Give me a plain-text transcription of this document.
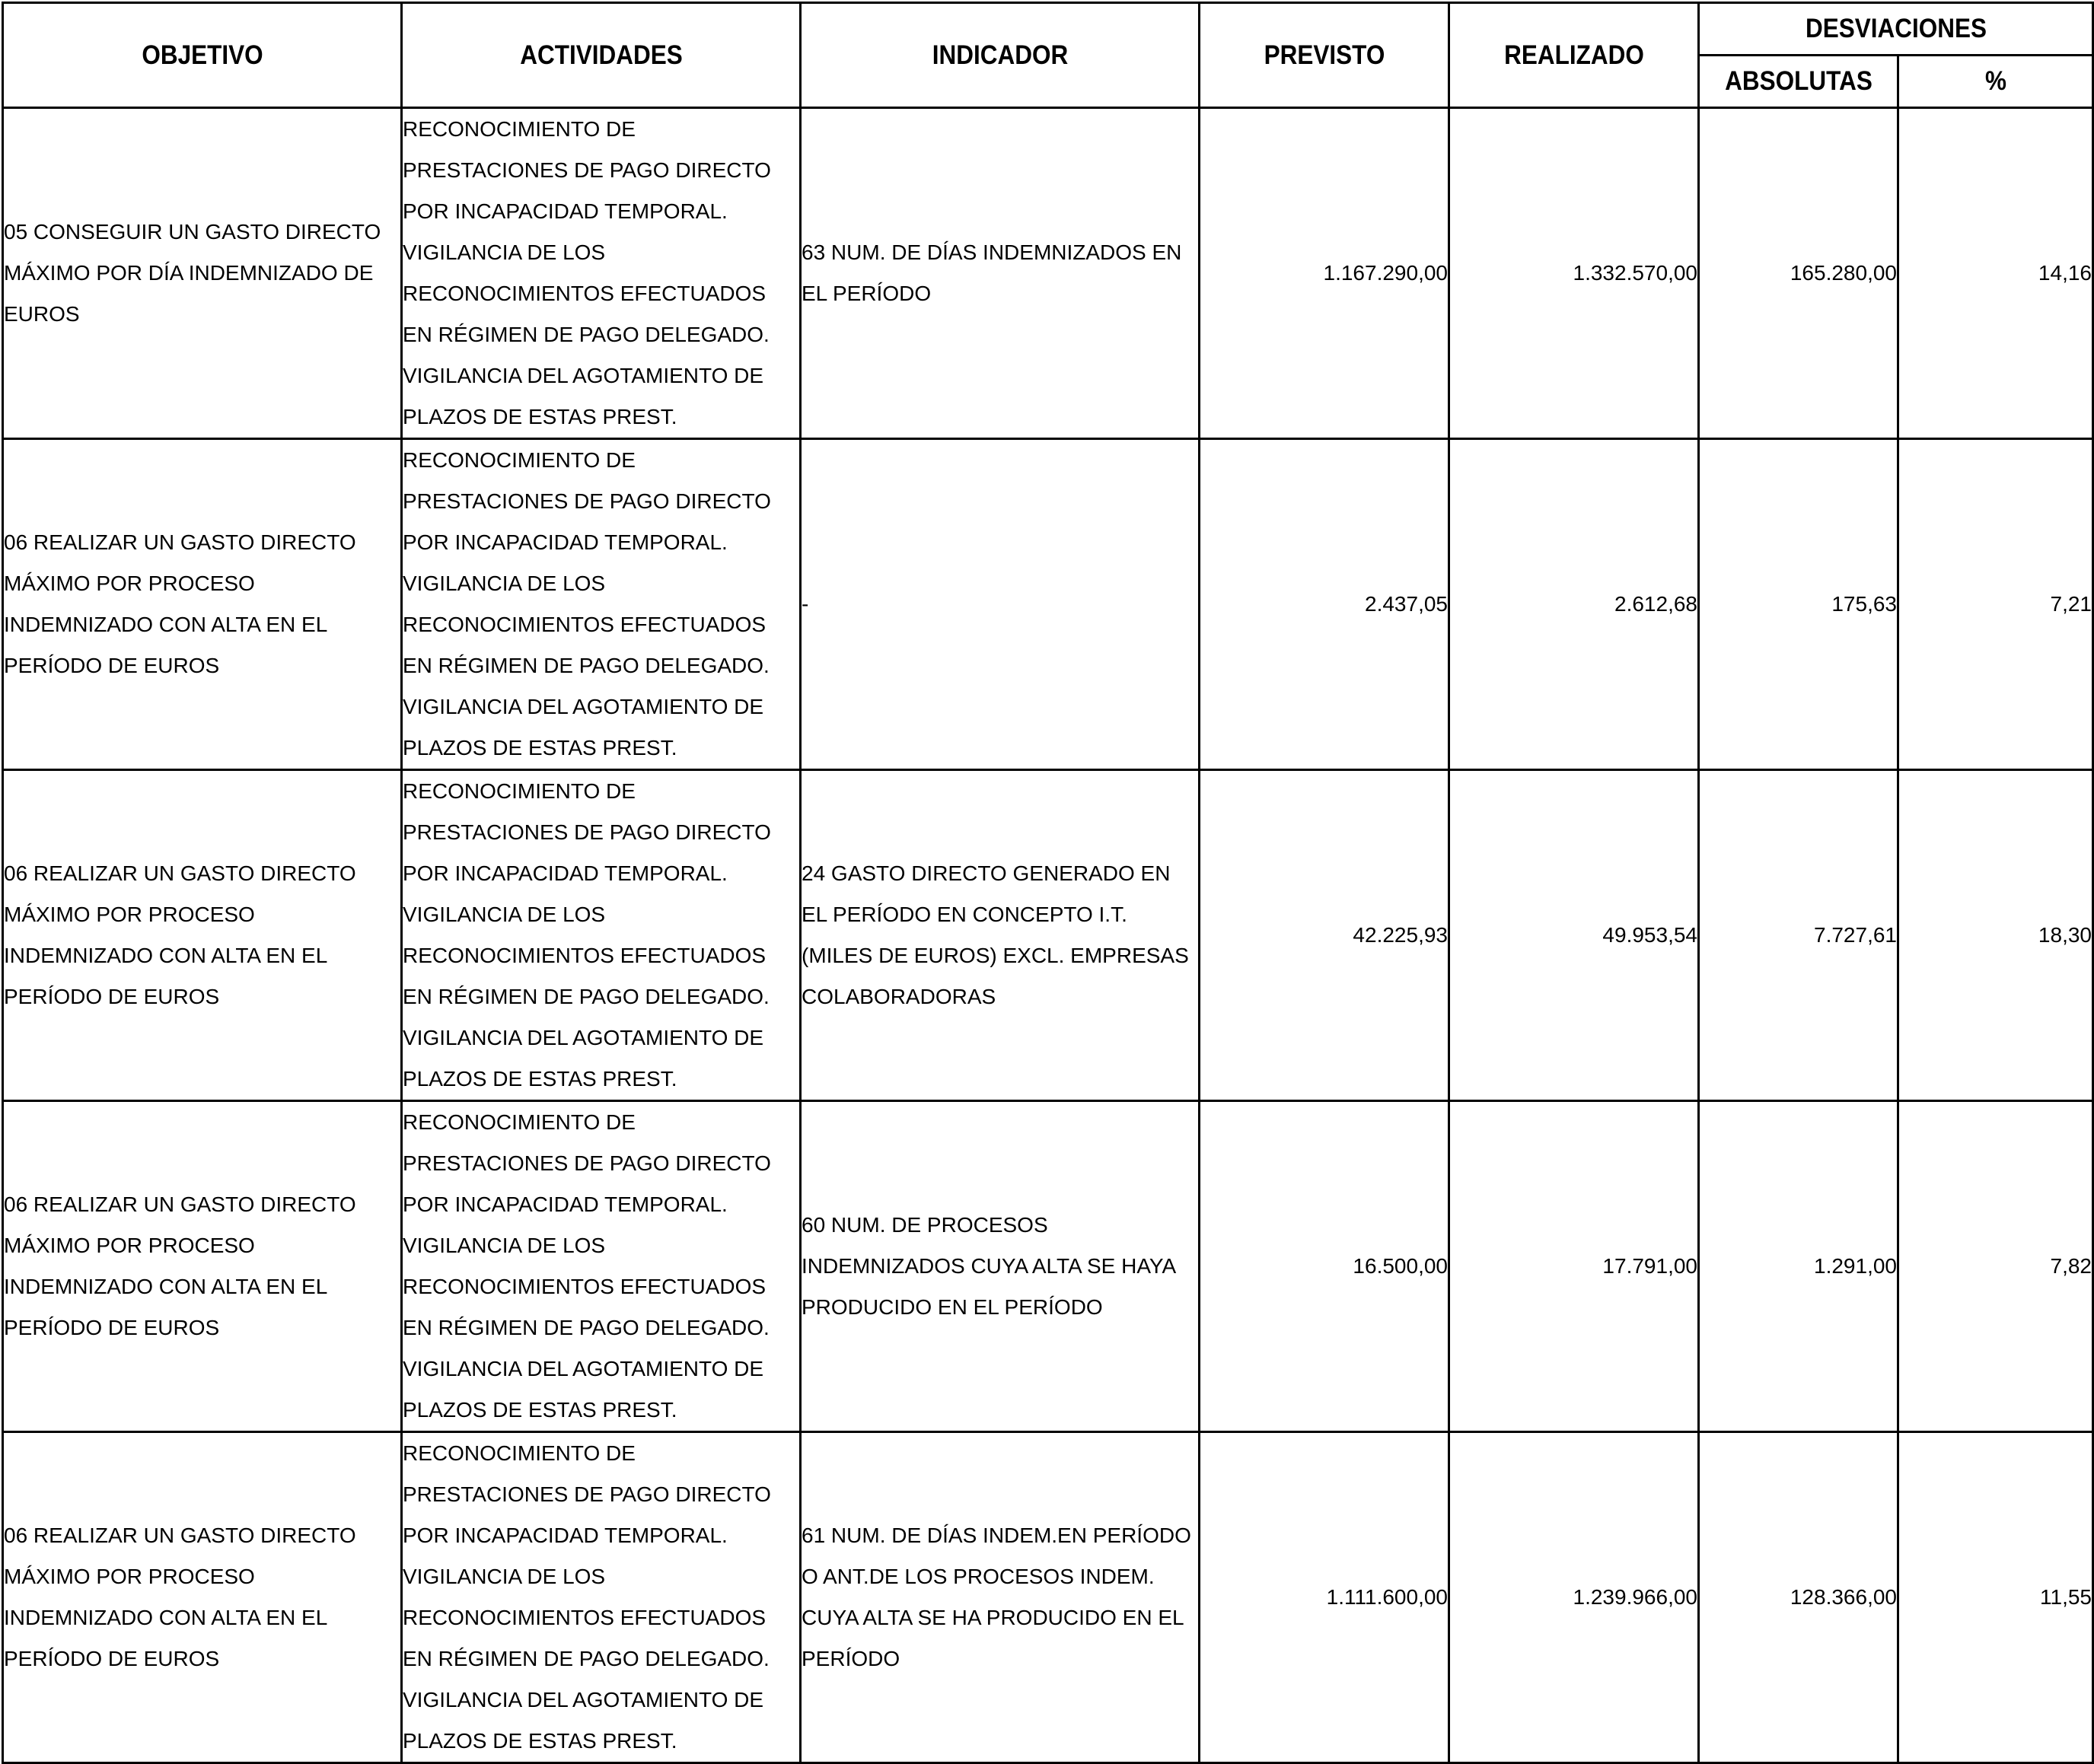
OBJETIVO	ACTIVIDADES	INDICADOR	PREVISTO	REALIZADO	DESVIACIONES	
					ABSOLUTAS	%
05 CONSEGUIR UN GASTO DIRECTO MÁXIMO POR DÍA INDEMNIZADO DE EUROS	RECONOCIMIENTO DE PRESTACIONES DE PAGO DIRECTO POR INCAPACIDAD TEMPORAL. VIGILANCIA DE LOS RECONOCIMIENTOS EFECTUADOS EN RÉGIMEN DE PAGO DELEGADO. VIGILANCIA DEL AGOTAMIENTO DE PLAZOS DE ESTAS PREST.	63 NUM. DE DÍAS INDEMNIZADOS EN EL PERÍODO	1.167.290,00	1.332.570,00	165.280,00	14,16
06 REALIZAR UN GASTO DIRECTO MÁXIMO POR PROCESO INDEMNIZADO CON ALTA EN EL PERÍODO DE EUROS	RECONOCIMIENTO DE PRESTACIONES DE PAGO DIRECTO POR INCAPACIDAD TEMPORAL. VIGILANCIA DE LOS RECONOCIMIENTOS EFECTUADOS EN RÉGIMEN DE PAGO DELEGADO. VIGILANCIA DEL AGOTAMIENTO DE PLAZOS DE ESTAS PREST.	-	2.437,05	2.612,68	175,63	7,21
06 REALIZAR UN GASTO DIRECTO MÁXIMO POR PROCESO INDEMNIZADO CON ALTA EN EL PERÍODO DE EUROS	RECONOCIMIENTO DE PRESTACIONES DE PAGO DIRECTO POR INCAPACIDAD TEMPORAL. VIGILANCIA DE LOS RECONOCIMIENTOS EFECTUADOS EN RÉGIMEN DE PAGO DELEGADO. VIGILANCIA DEL AGOTAMIENTO DE PLAZOS DE ESTAS PREST.	24 GASTO DIRECTO GENERADO EN EL PERÍODO EN CONCEPTO I.T.(MILES DE EUROS) EXCL. EMPRESAS COLABORADORAS	42.225,93	49.953,54	7.727,61	18,30
06 REALIZAR UN GASTO DIRECTO MÁXIMO POR PROCESO INDEMNIZADO CON ALTA EN EL PERÍODO DE EUROS	RECONOCIMIENTO DE PRESTACIONES DE PAGO DIRECTO POR INCAPACIDAD TEMPORAL. VIGILANCIA DE LOS RECONOCIMIENTOS EFECTUADOS EN RÉGIMEN DE PAGO DELEGADO. VIGILANCIA DEL AGOTAMIENTO DE PLAZOS DE ESTAS PREST.	60 NUM. DE PROCESOS INDEMNIZADOS CUYA ALTA SE HAYA PRODUCIDO EN EL PERÍODO	16.500,00	17.791,00	1.291,00	7,82
06 REALIZAR UN GASTO DIRECTO MÁXIMO POR PROCESO INDEMNIZADO CON ALTA EN EL PERÍODO DE EUROS	RECONOCIMIENTO DE PRESTACIONES DE PAGO DIRECTO POR INCAPACIDAD TEMPORAL. VIGILANCIA DE LOS RECONOCIMIENTOS EFECTUADOS EN RÉGIMEN DE PAGO DELEGADO. VIGILANCIA DEL AGOTAMIENTO DE PLAZOS DE ESTAS PREST.	61 NUM. DE DÍAS INDEM.EN PERÍODO O ANT.DE LOS PROCESOS INDEM. CUYA ALTA SE HA PRODUCIDO EN EL PERÍODO	1.111.600,00	1.239.966,00	128.366,00	11,55
